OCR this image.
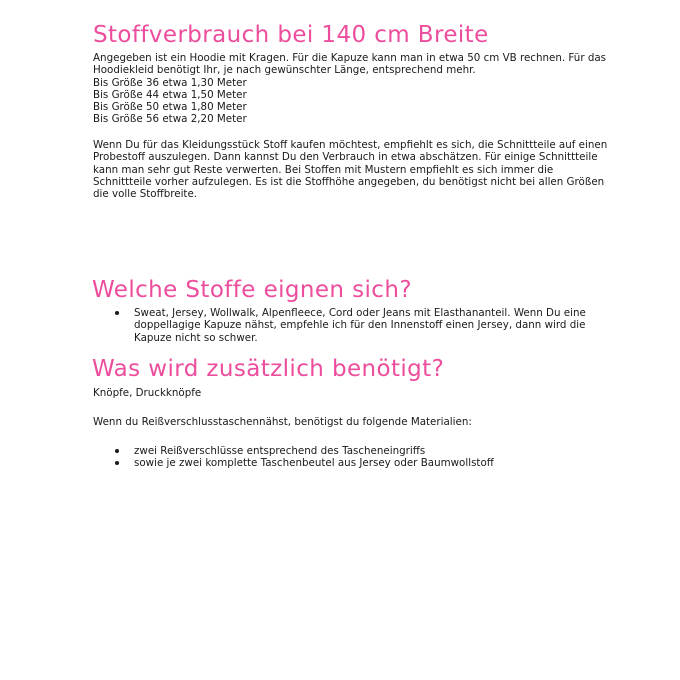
Stoffverbrauch bei 140 cm Breite
Angegeben ist ein Hoodie mit Kragen. Für die Kapuze kann man in etwa 50 cm VB rechnen. Für das
Hoodiekleid benötigt Ihr, je nach gewünschter Länge, entsprechend mehr.
Bis Größe 36 etwa 1,30 Meter
Bis Größe 44 etwa 1,50 Meter
Bis Größe 50 etwa 1,80 Meter
Bis Größe 56 etwa 2,20 Meter
Wenn Du für das Kleidungsstück Stoff kaufen möchtest, empfiehlt es sich, die Schnittteile auf einen
Probestoff auszulegen. Dann kannst Du den Verbrauch in etwa abschätzen. Für einige Schnittteile
kann man sehr gut Reste verwerten. Bei Stoffen mit Mustern empfiehlt es sich immer die
Schnittteile vorher aufzulegen. Es ist die Stoffhöhe angegeben, du benötigst nicht bei allen Größen
die volle Stoffbreite.
Welche Stoffe eignen sich?
Sweat, Jersey, Wollwalk, Alpenfleece, Cord oder Jeans mit Elasthananteil. Wenn Du eine
doppellagige Kapuze nähst, empfehle ich für den Innenstoff einen Jersey, dann wird die
Kapuze nicht so schwer.
Was wird zusätzlich benötigt?
Knöpfe, Druckknöpfe
Wenn du Reißverschlusstaschennähst, benötigst du folgende Materialien:
zwei Reißverschlüsse entsprechend des Tascheneingriffs
sowie je zwei komplette Taschenbeutel aus Jersey oder Baumwollstoff
